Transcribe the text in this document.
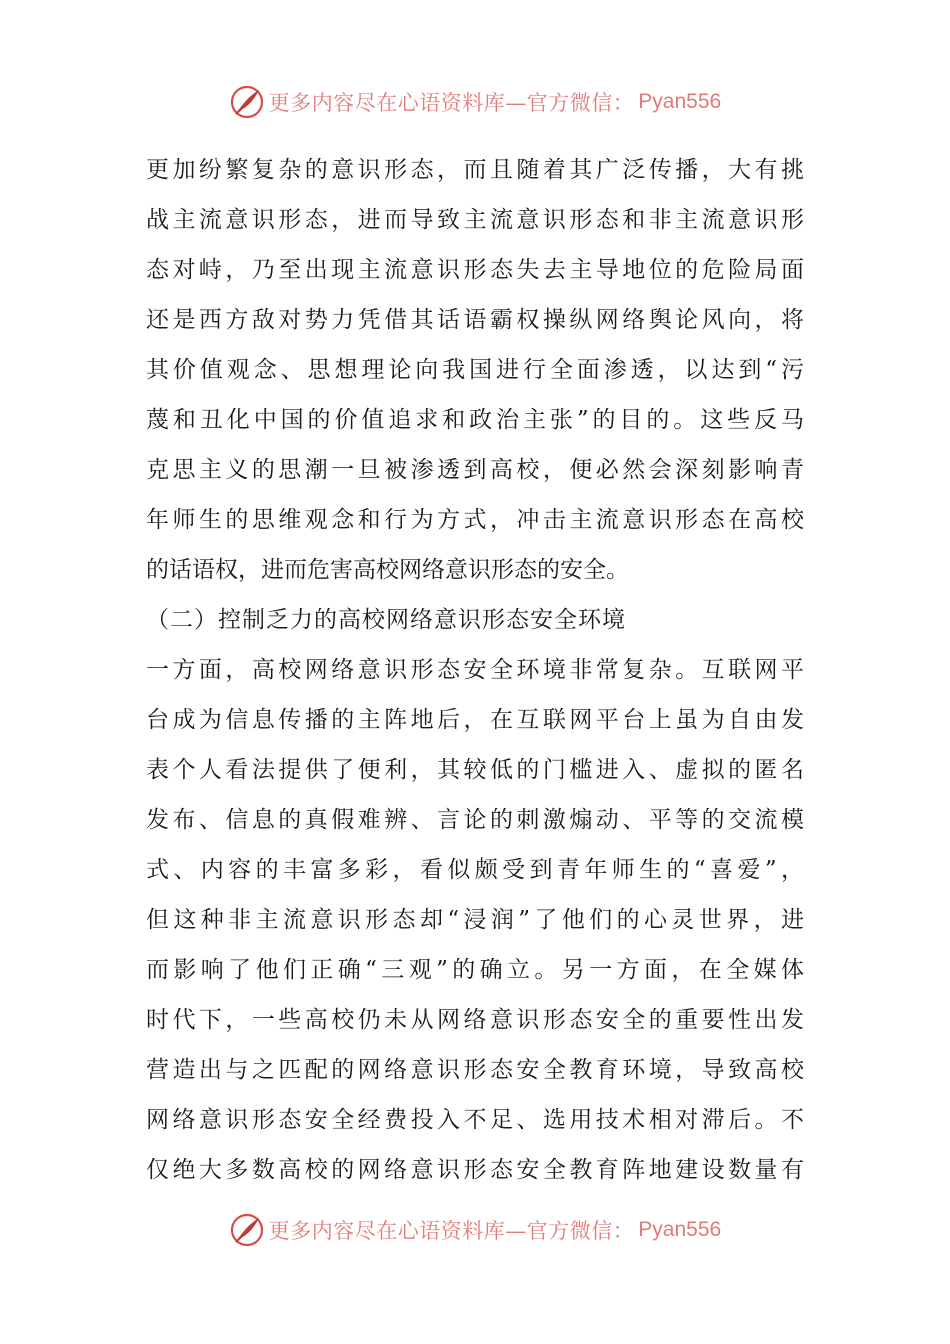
更多内容尽在心语资料库—官方微信： Pyan556
更加纷繁复杂的意识形态，而且随着其广泛传播，大有挑
战主流意识形态，进而导致主流意识形态和非主流意识形
态对峙，乃至出现主流意识形态失去主导地位的危险局面
还是西方敌对势力凭借其话语霸权操纵网络舆论风向，将
其价值观念、思想理论向我国进行全面渗透，以达到“污
蔑和丑化中国的价值追求和政治主张”的目的。这些反马
克思主义的思潮一旦被渗透到高校，便必然会深刻影响青
年师生的思维观念和行为方式，冲击主流意识形态在高校
的话语权，进而危害高校网络意识形态的安全。
（二）控制乏力的高校网络意识形态安全环境
一方面，高校网络意识形态安全环境非常复杂。互联网平
台成为信息传播的主阵地后，在互联网平台上虽为自由发
表个人看法提供了便利，其较低的门槛进入、虚拟的匿名
发布、信息的真假难辨、言论的刺激煽动、平等的交流模
式、内容的丰富多彩，看似颇受到青年师生的“喜爱”，
但这种非主流意识形态却“浸润”了他们的心灵世界，进
而影响了他们正确“三观”的确立。另一方面，在全媒体
时代下，一些高校仍未从网络意识形态安全的重要性出发
营造出与之匹配的网络意识形态安全教育环境，导致高校
网络意识形态安全经费投入不足、选用技术相对滞后。不
仅绝大多数高校的网络意识形态安全教育阵地建设数量有
更多内容尽在心语资料库—官方微信： Pyan556
